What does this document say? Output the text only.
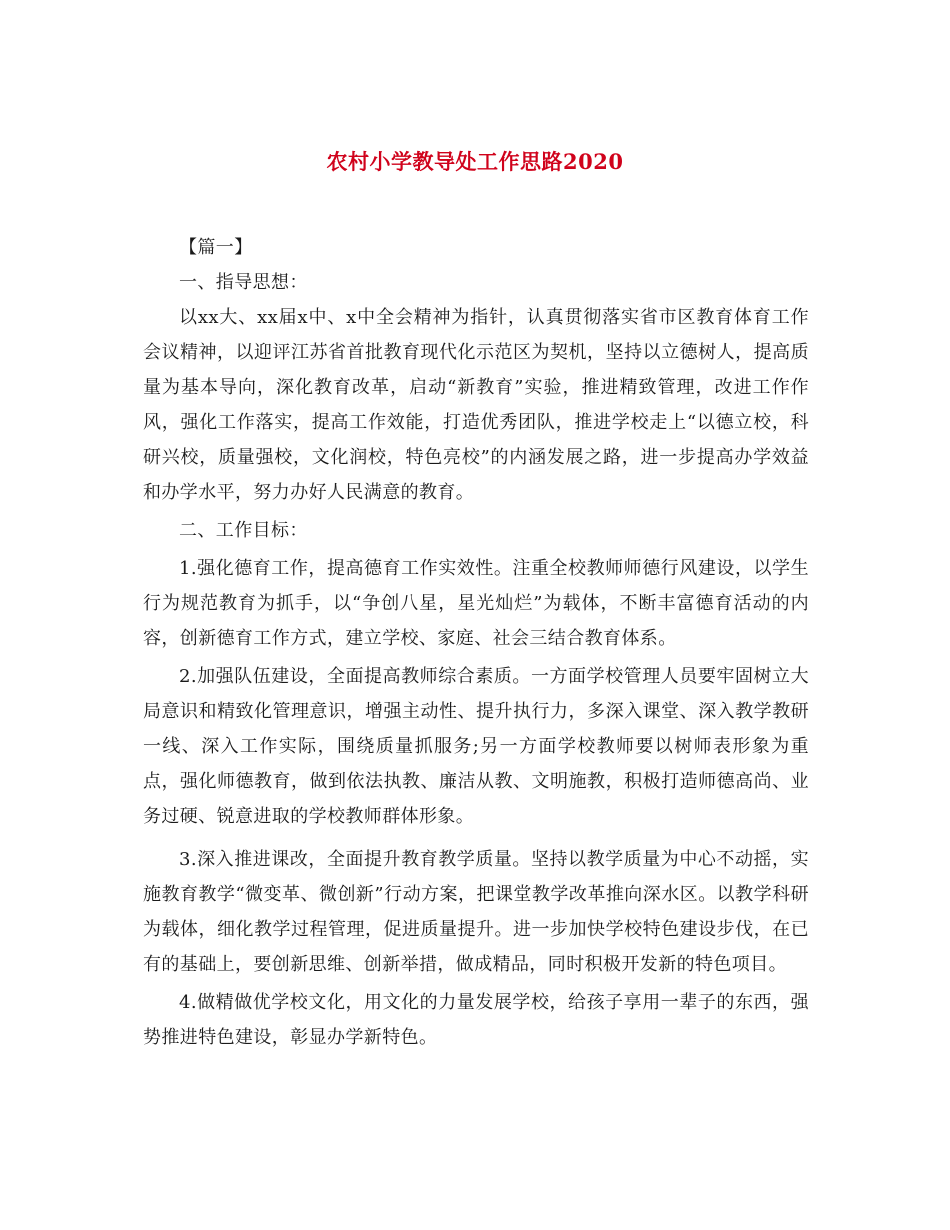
农村小学教导处工作思路2020

【篇一】

一、指导思想：

以xx大、xx届x中、x中全会精神为指针，认真贯彻落实省市区教育体育工作会议精神，以迎评江苏省首批教育现代化示范区为契机，坚持以立德树人，提高质量为基本导向，深化教育改革，启动“新教育”实验，推进精致管理，改进工作作风，强化工作落实，提高工作效能，打造优秀团队，推进学校走上“以德立校，科研兴校，质量强校，文化润校，特色亮校”的内涵发展之路，进一步提高办学效益和办学水平，努力办好人民满意的教育。

二、工作目标：

1.强化德育工作，提高德育工作实效性。注重全校教师师德行风建设，以学生行为规范教育为抓手，以“争创八星，星光灿烂”为载体，不断丰富德育活动的内容，创新德育工作方式，建立学校、家庭、社会三结合教育体系。

2.加强队伍建设，全面提高教师综合素质。一方面学校管理人员要牢固树立大局意识和精致化管理意识，增强主动性、提升执行力，多深入课堂、深入教学教研一线、深入工作实际，围绕质量抓服务;另一方面学校教师要以树师表形象为重点，强化师德教育，做到依法执教、廉洁从教、文明施教，积极打造师德高尚、业务过硬、锐意进取的学校教师群体形象。

3.深入推进课改，全面提升教育教学质量。坚持以教学质量为中心不动摇，实施教育教学“微变革、微创新”行动方案，把课堂教学改革推向深水区。以教学科研为载体，细化教学过程管理，促进质量提升。进一步加快学校特色建设步伐，在已有的基础上，要创新思维、创新举措，做成精品，同时积极开发新的特色项目。

4.做精做优学校文化，用文化的力量发展学校，给孩子享用一辈子的东西，强势推进特色建设，彰显办学新特色。
